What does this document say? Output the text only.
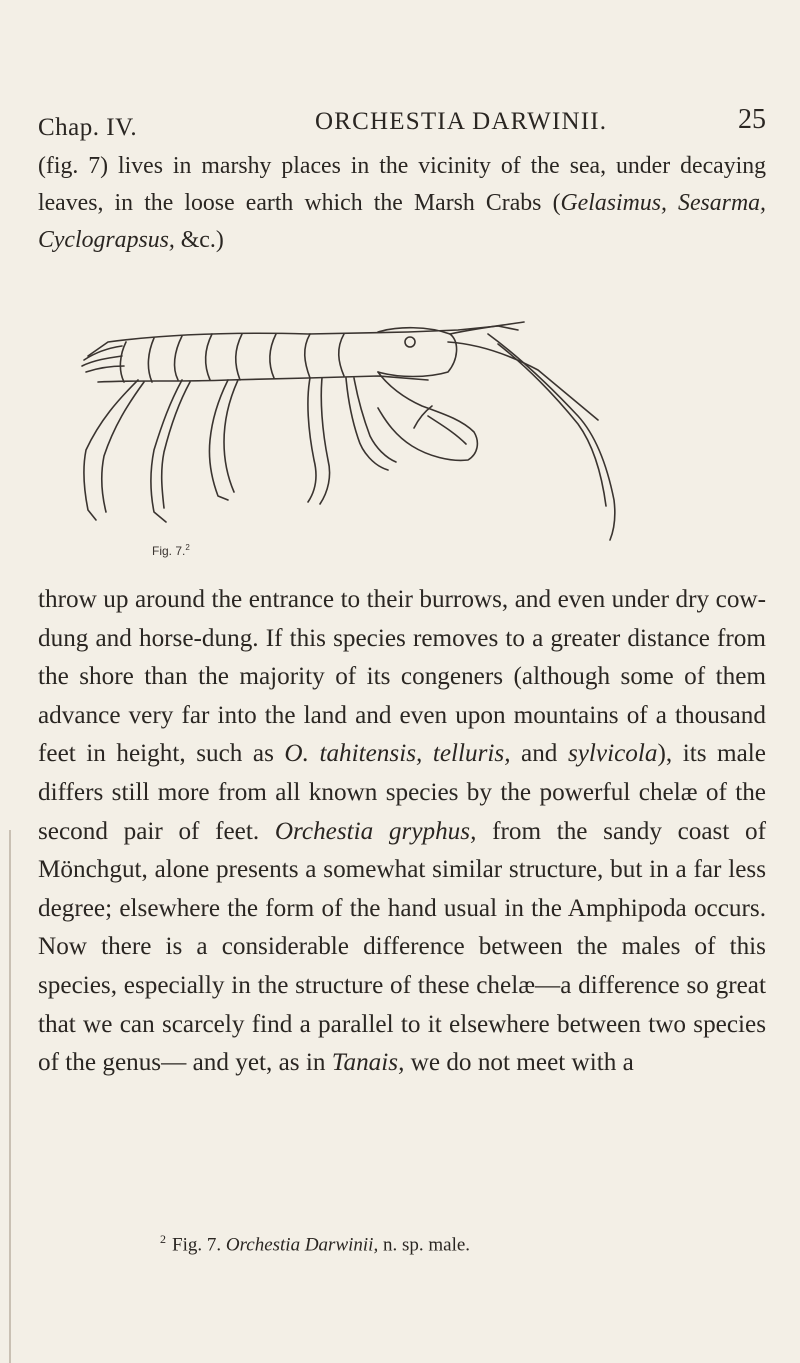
Chap. IV.	ORCHESTIA DARWINII.	25

(fig. 7) lives in marshy places in the vicinity of the sea, under decaying leaves, in the loose earth which the Marsh Crabs (Gelasimus, Sesarma, Cyclograpsus, &c.)

Fig. 7.$^2$

throw up around the entrance to their burrows, and even under dry cow-dung and horse-dung. If this species removes to a greater distance from the shore than the majority of its congeners (although some of them advance very far into the land and even upon mountains of a thousand feet in height, such as O. tahitensis, telluris, and sylvicola), its male differs still more from all known species by the powerful chelæ of the second pair of feet. Orchestia gryphus, from the sandy coast of Mönchgut, alone presents a somewhat similar structure, but in a far less degree; elsewhere the form of the hand usual in the Amphipoda occurs. Now there is a considerable difference between the males of this species, especially in the structure of these chelæ—a difference so great that we can scarcely find a parallel to it elsewhere between two species of the genus— and yet, as in Tanais, we do not meet with a

$^2$ Fig. 7. Orchestia Darwinii, n. sp. male.
